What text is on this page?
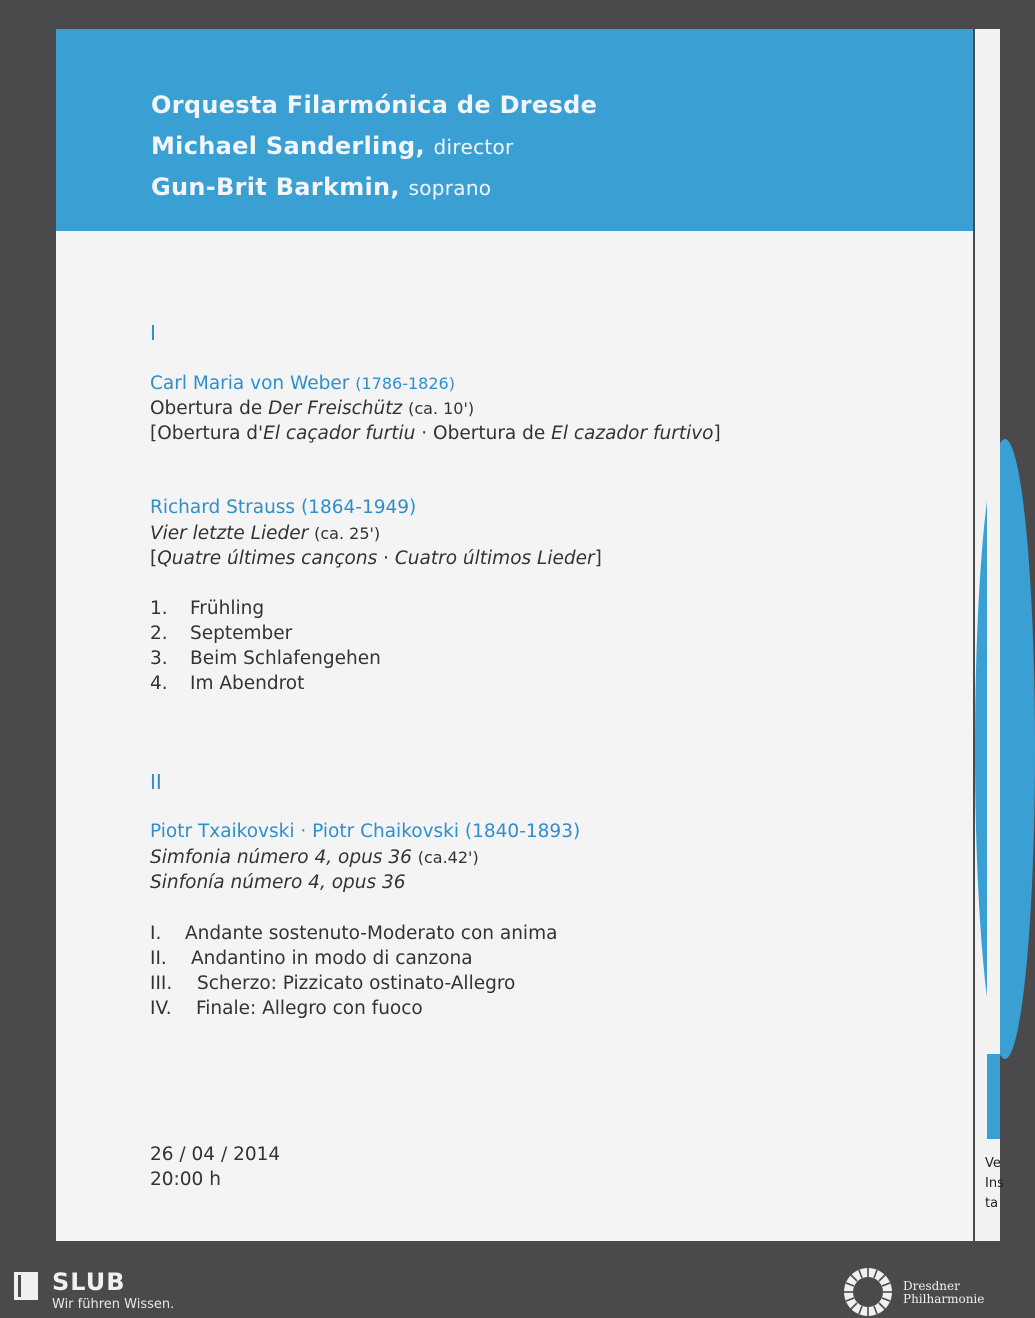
Orquesta Filarmónica de Dresde
Michael Sanderling, director
Gun-Brit Barkmin, soprano
I
Carl Maria von Weber (1786-1826)
Obertura de Der Freischütz (ca. 10')
[Obertura d'El caçador furtiu · Obertura de El cazador furtivo]
Richard Strauss (1864-1949)
Vier letzte Lieder (ca. 25')
[Quatre últimes cançons · Cuatro últimos Lieder]
1. Frühling
2. September
3. Beim Schlafengehen
4. Im Abendrot
II
Piotr Txaikovski · Piotr Chaikovski (1840-1893)
Simfonia número 4, opus 36 (ca.42')
Sinfonía número 4, opus 36
I. Andante sostenuto-Moderato con anima
II. Andantino in modo di canzona
III. Scherzo: Pizzicato ostinato-Allegro
IV. Finale: Allegro con fuoco
26 / 04 / 2014
20:00 h
Ve
Ins
ta
SLUB
Wir führen Wissen.
Dresdner
Philharmonie
